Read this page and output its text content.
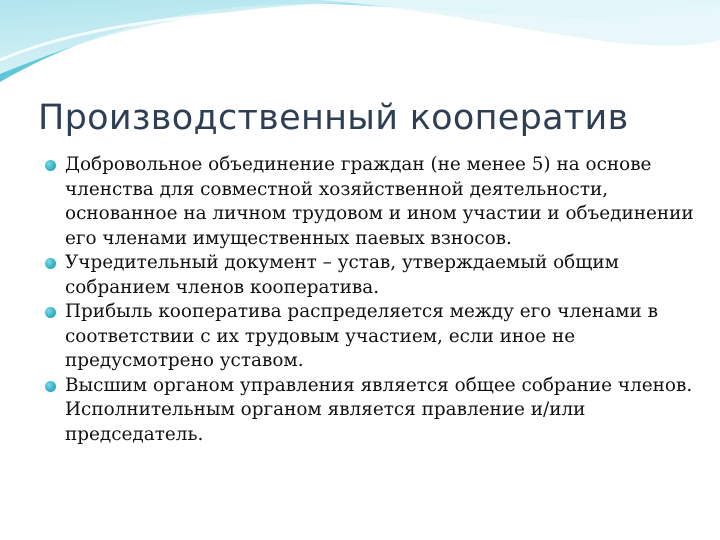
Производственный кооператив
Добровольное объединение граждан (не менее 5) на основе членства для совместной хозяйственной деятельности, основанное на личном трудовом и ином участии и объединении его членами имущественных паевых взносов.
Учредительный документ – устав, утверждаемый общим собранием членов кооператива.
Прибыль кооператива распределяется между его членами в соответствии с их трудовым участием, если иное не предусмотрено уставом.
Высшим органом управления является общее собрание членов. Исполнительным органом является правление и/или председатель.
